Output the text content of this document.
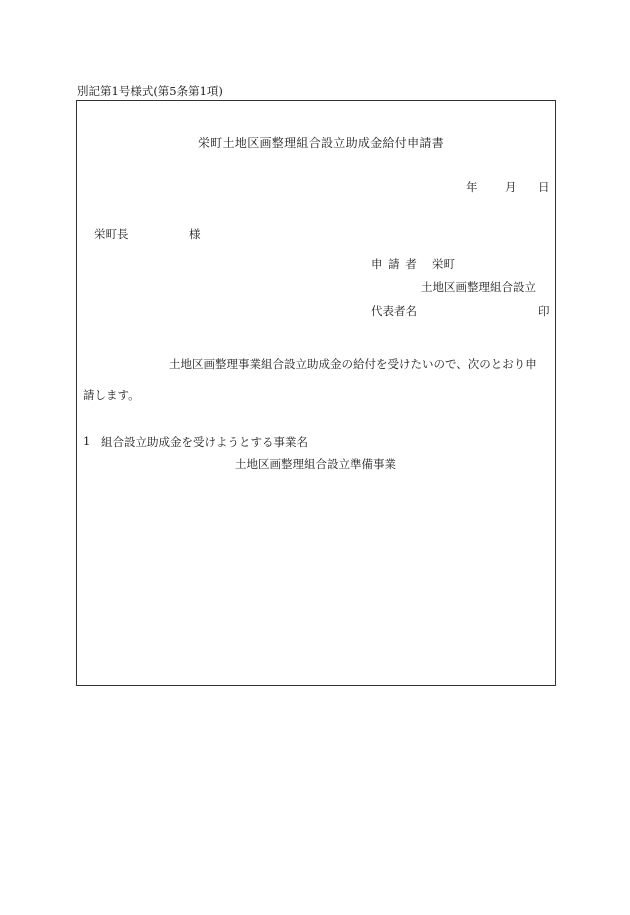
別記第1号様式(第5条第1項)
栄町土地区画整理組合設立助成金給付申請書
年 月 日
栄町長	様
申 請 者 栄町
土地区画整理組合設立
代表者名	印
土地区画整理事業組合設立助成金の給付を受けたいので、次のとおり申
請します。
1 組合設立助成金を受けようとする事業名
土地区画整理組合設立準備事業
